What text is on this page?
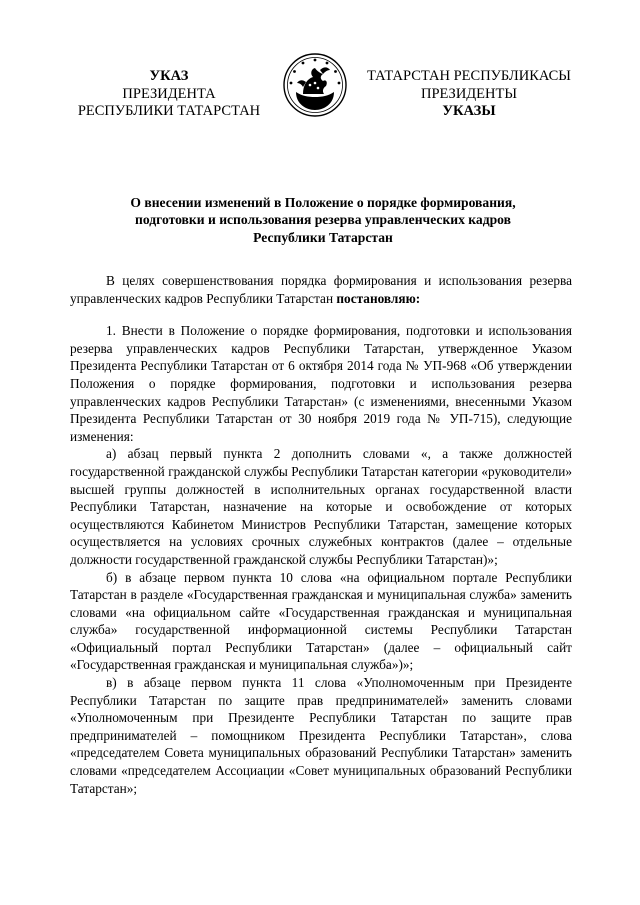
УКАЗ
ПРЕЗИДЕНТА
РЕСПУБЛИКИ ТАТАРСТАН
ТАТАРСТАН РЕСПУБЛИКАСЫ
ПРЕЗИДЕНТЫ
УКАЗЫ
О внесении изменений в Положение о порядке формирования,
подготовки и использования резерва управленческих кадров
Республики Татарстан

В целях совершенствования порядка формирования и использования резерва управленческих кадров Республики Татарстан постановляю:

1. Внести в Положение о порядке формирования, подготовки и использования резерва управленческих кадров Республики Татарстан, утвержденное Указом Президента Республики Татарстан от 6 октября 2014 года № УП-968 «Об утверждении Положения о порядке формирования, подготовки и использования резерва управленческих кадров Республики Татарстан» (с изменениями, внесенными Указом Президента Республики Татарстан от 30 ноября 2019 года № УП-715), следующие изменения:

а) абзац первый пункта 2 дополнить словами «, а также должностей государственной гражданской службы Республики Татарстан категории «руководители» высшей группы должностей в исполнительных органах государственной власти Республики Татарстан, назначение на которые и освобождение от которых осуществляются Кабинетом Министров Республики Татарстан, замещение которых осуществляется на условиях срочных служебных контрактов (далее – отдельные должности государственной гражданской службы Республики Татарстан)»;

б) в абзаце первом пункта 10 слова «на официальном портале Республики Татарстан в разделе «Государственная гражданская и муниципальная служба» заменить словами «на официальном сайте «Государственная гражданская и муниципальная служба» государственной информационной системы Республики Татарстан «Официальный портал Республики Татарстан» (далее – официальный сайт «Государственная гражданская и муниципальная служба»)»;

в) в абзаце первом пункта 11 слова «Уполномоченным при Президенте Республики Татарстан по защите прав предпринимателей» заменить словами «Уполномоченным при Президенте Республики Татарстан по защите прав предпринимателей – помощником Президента Республики Татарстан», слова «председателем Совета муниципальных образований Республики Татарстан» заменить словами «председателем Ассоциации «Совет муниципальных образований Республики Татарстан»;
